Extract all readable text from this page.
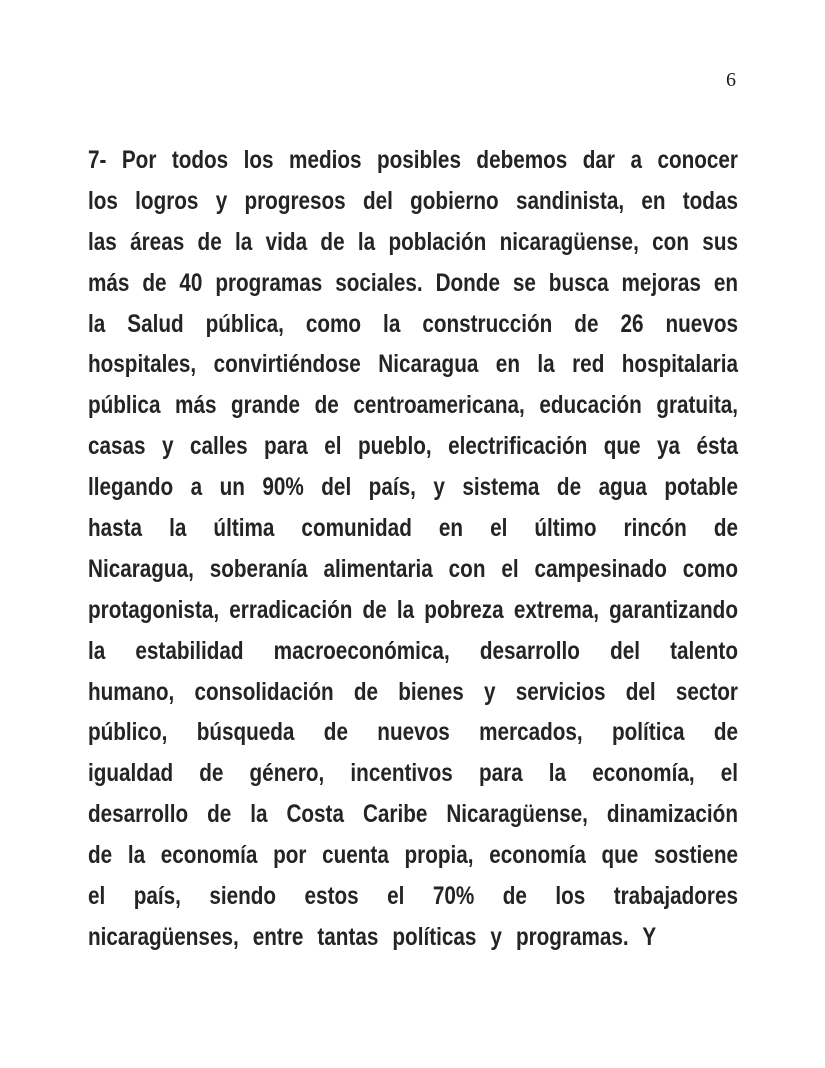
6
7- Por todos los medios posibles debemos dar a conocer
los logros y progresos del gobierno sandinista, en todas
las áreas de la vida de la población nicaragüense, con sus
más de 40 programas sociales. Donde se busca mejoras en
la Salud pública, como la construcción de 26 nuevos
hospitales, convirtiéndose Nicaragua en la red hospitalaria
pública más grande de centroamericana, educación gratuita,
casas y calles para el pueblo, electrificación que ya ésta
llegando a un 90% del país, y sistema de agua potable
hasta la última comunidad en el último rincón de
Nicaragua, soberanía alimentaria con el campesinado como
protagonista, erradicación de la pobreza extrema, garantizando
la estabilidad macroeconómica, desarrollo del talento
humano, consolidación de bienes y servicios del sector
público, búsqueda de nuevos mercados, política de
igualdad de género, incentivos para la economía, el
desarrollo de la Costa Caribe Nicaragüense, dinamización
de la economía por cuenta propia, economía que sostiene
el país, siendo estos el 70% de los trabajadores
nicaragüenses, entre tantas políticas y programas. Y
